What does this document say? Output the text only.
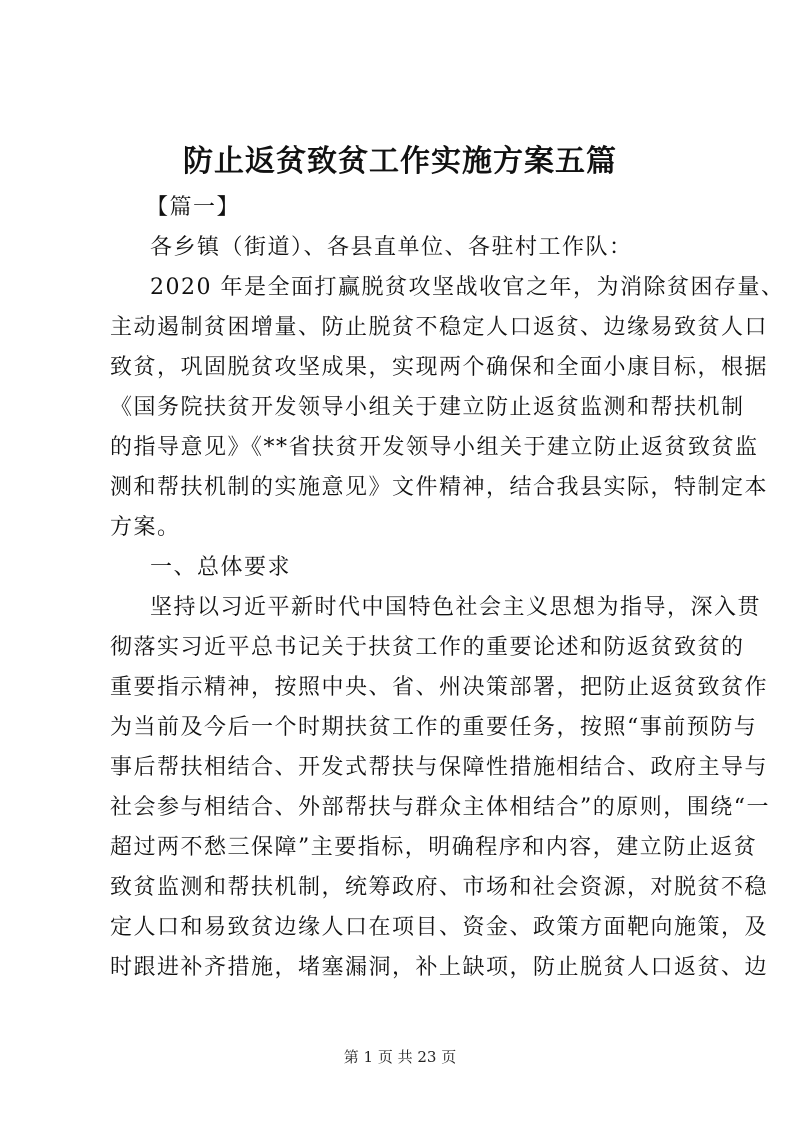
防止返贫致贫工作实施方案五篇
【篇一】
各乡镇（街道）、各县直单位、各驻村工作队：
2020 年是全面打赢脱贫攻坚战收官之年，为消除贫困存量、
主动遏制贫困增量、防止脱贫不稳定人口返贫、边缘易致贫人口
致贫，巩固脱贫攻坚成果，实现两个确保和全面小康目标，根据
《国务院扶贫开发领导小组关于建立防止返贫监测和帮扶机制
的指导意见》《**省扶贫开发领导小组关于建立防止返贫致贫监
测和帮扶机制的实施意见》文件精神，结合我县实际，特制定本
方案。
一、总体要求
坚持以习近平新时代中国特色社会主义思想为指导，深入贯
彻落实习近平总书记关于扶贫工作的重要论述和防返贫致贫的
重要指示精神，按照中央、省、州决策部署，把防止返贫致贫作
为当前及今后一个时期扶贫工作的重要任务，按照“事前预防与
事后帮扶相结合、开发式帮扶与保障性措施相结合、政府主导与
社会参与相结合、外部帮扶与群众主体相结合”的原则，围绕“一
超过两不愁三保障”主要指标，明确程序和内容，建立防止返贫
致贫监测和帮扶机制，统筹政府、市场和社会资源，对脱贫不稳
定人口和易致贫边缘人口在项目、资金、政策方面靶向施策，及
时跟进补齐措施，堵塞漏洞，补上缺项，防止脱贫人口返贫、边
第 1 页 共 23 页
